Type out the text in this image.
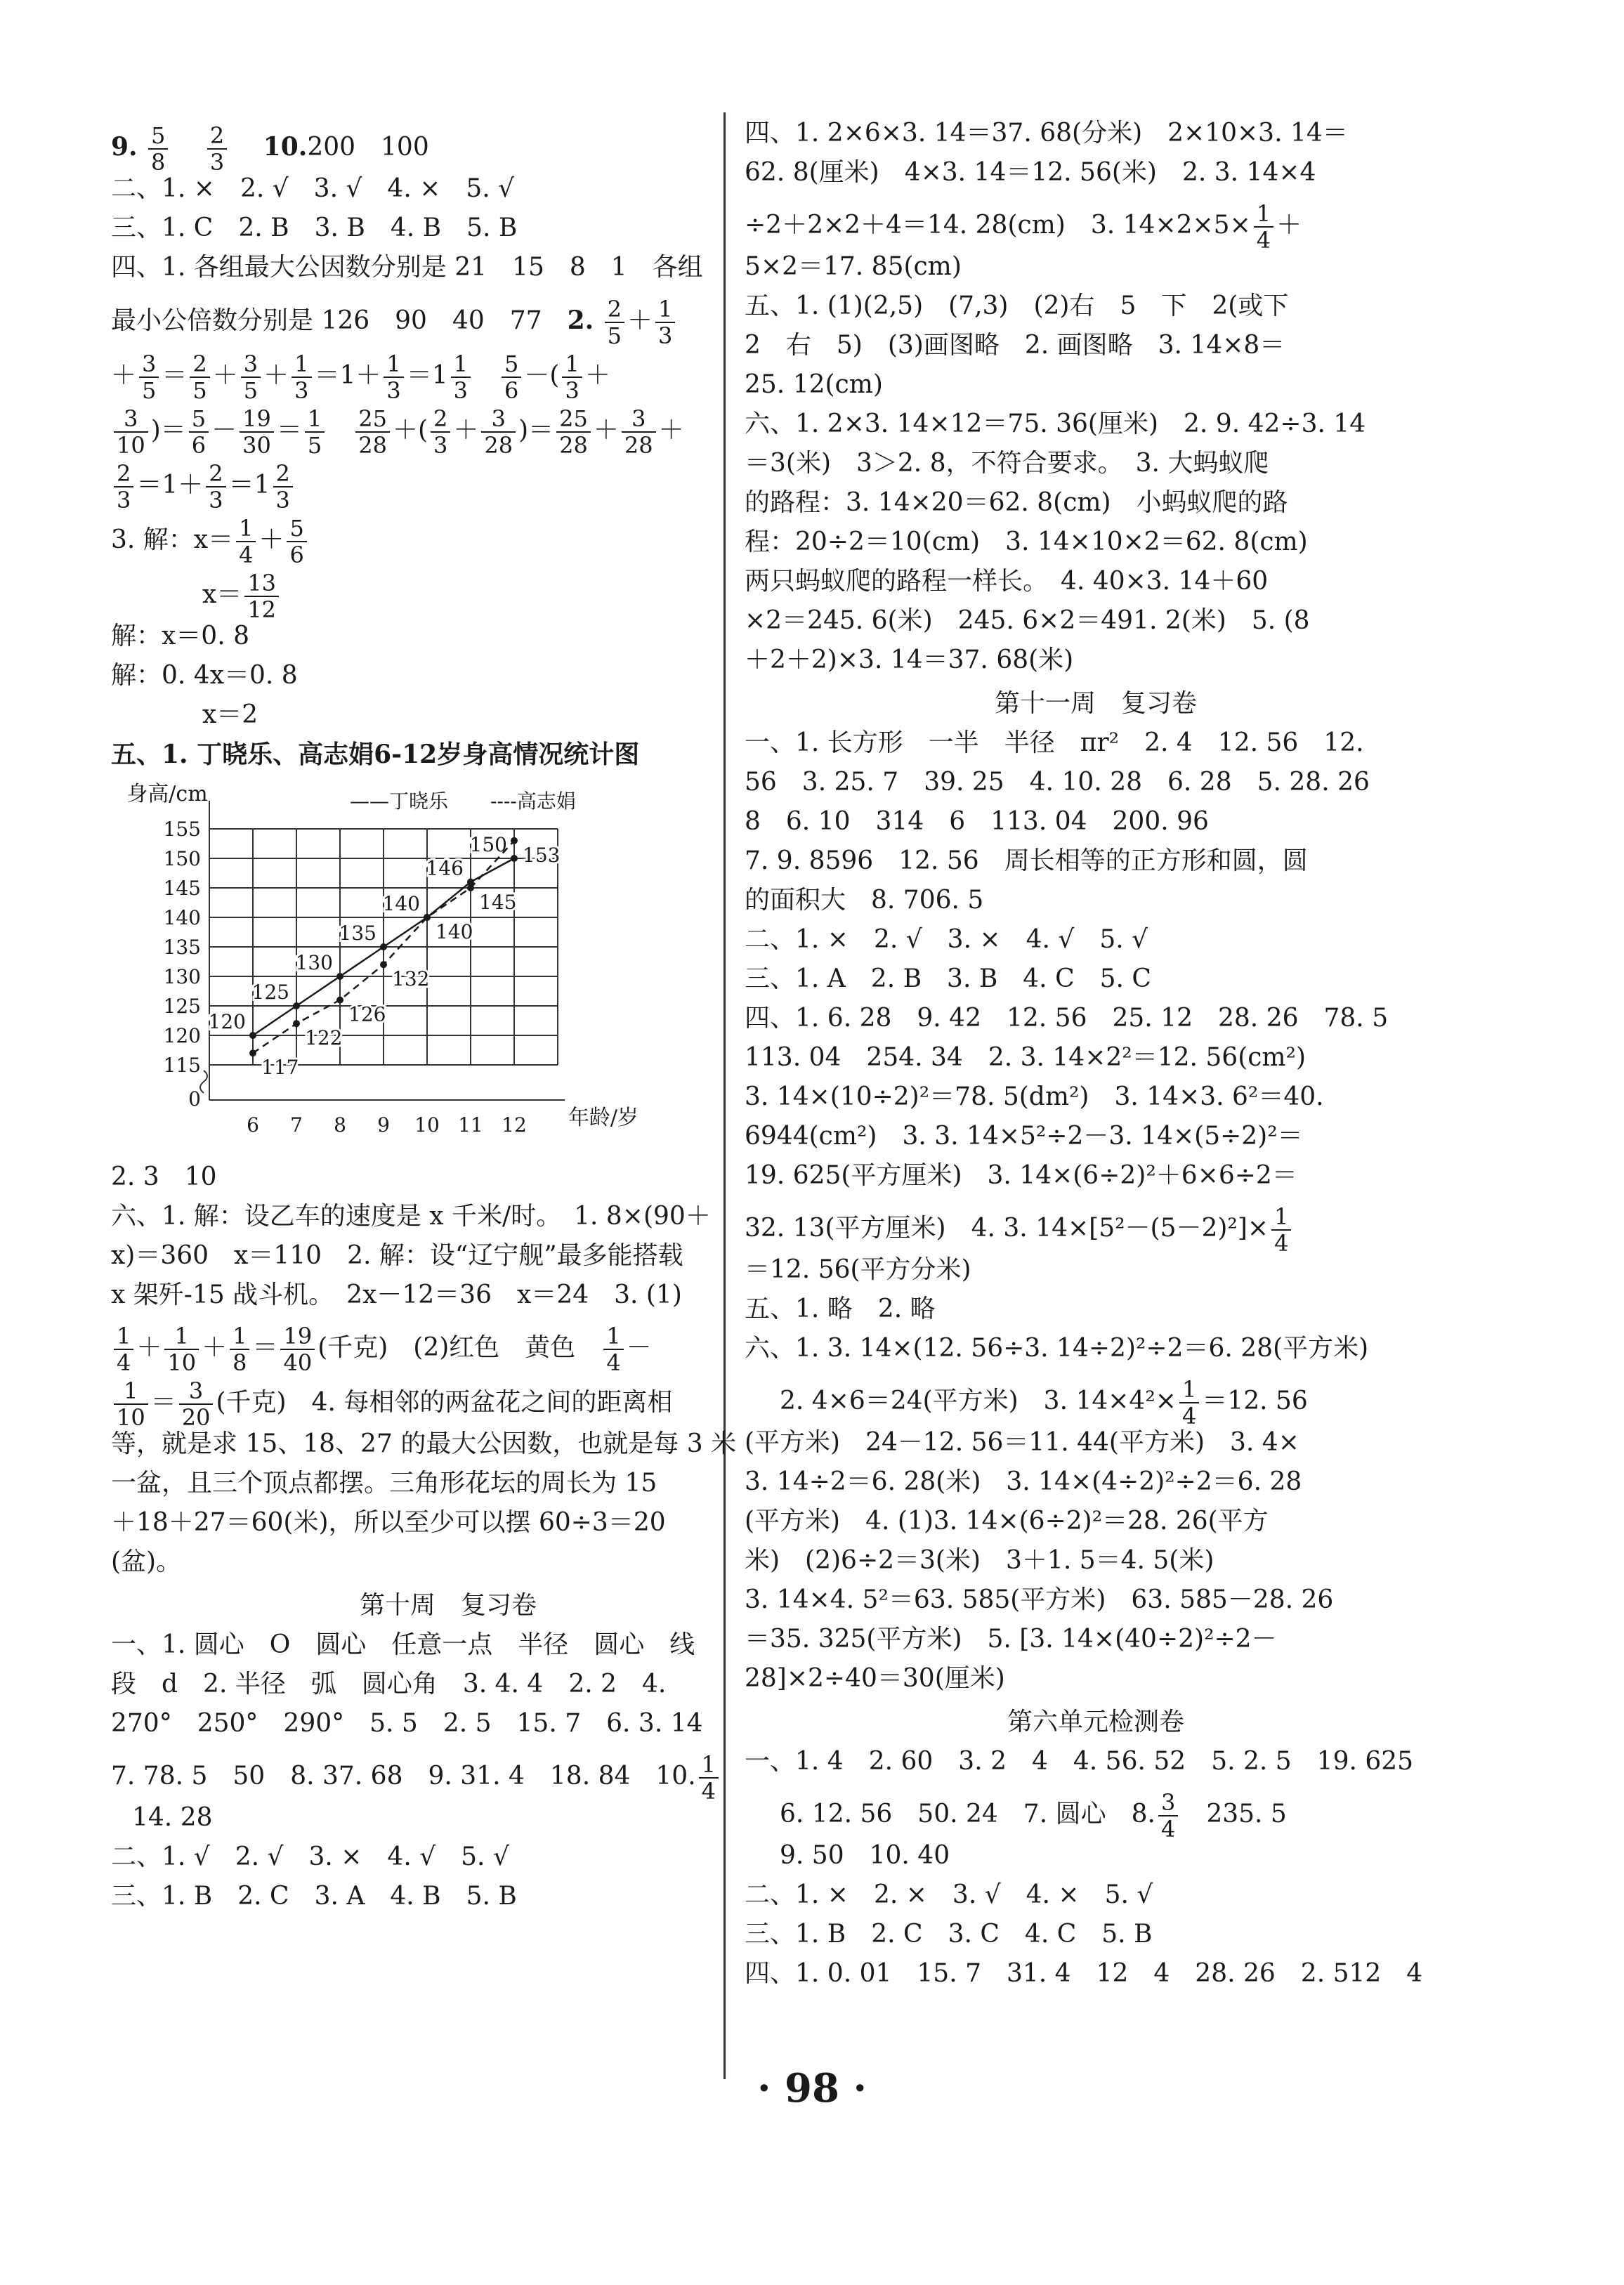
9. $\frac{5}{8}$
　 $\frac{2}{3}$
　 10.200　100
二、1. ×　2. √　3. √　4. ×　5. √
三、1. C　2. B　3. B　4. B　5. B
四、1. 各组最大公因数分别是 21　15　8　1　各组
最小公倍数分别是 126　90　40　77　2. $\frac{2}{5} + \frac{1}{3}$
＋ $\frac{3}{5} = \frac{2}{5} + \frac{3}{5} + \frac{1}{3} =1+ \frac{1}{3} =1 \frac{1}{3}$
　 $\frac{5}{6}$ －( $\frac{1}{3}$ ＋
$\frac{3}{10}$ )＝ $\frac{5}{6} - \frac{19}{30} = \frac{1}{5}$
　 $\frac{25}{28}$ ＋( $\frac{2}{3} + \frac{3}{28}$ )＝ $\frac{25}{28} + \frac{3}{28}$ ＋
$\frac{2}{3} =1+ \frac{2}{3} =1 \frac{2}{3}$
3. 解：$x= \frac{1}{4} + \frac{5}{6}$
$x= \frac{13}{12}$
解：x＝0. 8
解：0. 4x＝0. 8
x＝2
五、1. 丁晓乐、高志娟6-12岁身高情况统计图
身高/cm	——丁晓乐 ----高志娟
年龄/岁
0
115
120
125
130
135
140
145
150
155
6 7 8 9 10 11 12
120
125
130
135
140
146
150
117
122
126
132
140
145
153
2. 3　10
六、1. 解：设乙车的速度是 x 千米/时。　1. 8×(90＋
x)＝360　x＝110　2. 解：设“辽宁舰”最多能搭载
x 架歼-15 战斗机。　2x－12＝36　x＝24　3. (1)
$\frac{1}{4} + \frac{1}{10} + \frac{1}{8} = \frac{19}{40}$ (千克)　(2)红色　黄色　 $\frac{1}{4}$ －
$\frac{1}{10} = \frac{3}{20}$ (千克)　4. 每相邻的两盆花之间的距离相
等，就是求 15、18、27 的最大公因数，也就是每 3 米
一盆，且三个顶点都摆。三角形花坛的周长为 15
＋18＋27＝60(米)，所以至少可以摆 60÷3＝20
(盆)。
第十周　复习卷
一、1. 圆心　O　圆心　任意一点　半径　圆心　线
段　d　2. 半径　弧　圆心角　3. 4. 4　2. 2　4.
270°　250°　290°　5. 5　2. 5　15. 7　6. 3. 14
7. 78. 5　50　8. 37. 68　9. 31. 4　18. 84　10. $\frac{1}{4}$
14. 28
二、1. √　2. √　3. ×　4. √　5. √
三、1. B　2. C　3. A　4. B　5. B
四、1. 2×6×3. 14＝37. 68(分米)　2×10×3. 14＝
62. 8(厘米)　4×3. 14＝12. 56(米)　2. 3. 14×4
÷2＋2×2＋4＝14. 28(cm)　3. $14\times 2\times 5\times \frac{1}{4}$ ＋
5×2＝17. 85(cm)
五、1. (1)(2,5)　(7,3)　(2)右　5　下　2(或下
2　右　5)　(3)画图略　2. 画图略　3. 14×8＝
25. 12(cm)
六、1. 2×3. 14×12＝75. 36(厘米)　2. 9. 42÷3. 14
＝3(米)　3＞2. 8，不符合要求。　3. 大蚂蚁爬
的路程：3. 14×20＝62. 8(cm)　小蚂蚁爬的路
程：20÷2＝10(cm)　3. 14×10×2＝62. 8(cm)
两只蚂蚁爬的路程一样长。　4. 40×3. 14＋60
×2＝245. 6(米)　245. 6×2＝491. 2(米)　5. (8
＋2＋2)×3. 14＝37. 68(米)
第十一周　复习卷
一、1. 长方形　一半　半径　πr²　2. 4　12. 56　12.
56　3. 25. 7　39. 25　4. 10. 28　6. 28　5. 28. 26
8　6. 10　314　6　113. 04　200. 96
7. 9. 8596　12. 56　周长相等的正方形和圆，圆
的面积大　8. 706. 5
二、1. ×　2. √　3. ×　4. √　5. √
三、1. A　2. B　3. B　4. C　5. C
四、1. 6. 28　9. 42　12. 56　25. 12　28. 26　78. 5
113. 04　254. 34　2. 3. 14×2²＝12. 56(cm²)
3. 14×(10÷2)²＝78. 5(dm²)　3. 14×3. 6²＝40.
6944(cm²)　3. 3. 14×5²÷2－3. 14×(5÷2)²＝
19. 625(平方厘米)　3. 14×(6÷2)²＋6×6÷2＝
32. 13(平方厘米)　4. 3. $14\times[5^2-(5-2)^2]\times \frac{1}{4}$
＝12. 56(平方分米)
五、1. 略　2. 略
六、1. 3. 14×(12. 56÷3. 14÷2)²÷2＝6. 28(平方米)
2. 4×6＝24(平方米)　3. $14\times 4^2\times \frac{1}{4} =12$. 56
(平方米)　24－12. 56＝11. 44(平方米)　3. 4×
3. 14÷2＝6. 28(米)　3. 14×(4÷2)²÷2＝6. 28
(平方米)　4. (1)3. 14×(6÷2)²＝28. 26(平方
米)　(2)6÷2＝3(米)　3＋1. 5＝4. 5(米)
3. 14×4. 5²＝63. 585(平方米)　63. 585－28. 26
＝35. 325(平方米)　5. [3. 14×(40÷2)²÷2－
28]×2÷40＝30(厘米)
第六单元检测卷
一、1. 4　2. 60　3. 2　4　4. 56. 52　5. 2. 5　19. 625
6. 12. 56　50. 24　7. 圆心　8. $\frac{3}{4}$
　 235. 5
9. 50　10. 40
二、1. ×　2. ×　3. √　4. ×　5. √
三、1. B　2. C　3. C　4. C　5. B
四、1. 0. 01　15. 7　31. 4　12　4　28. 26　2. 512　4
· 98 ·
